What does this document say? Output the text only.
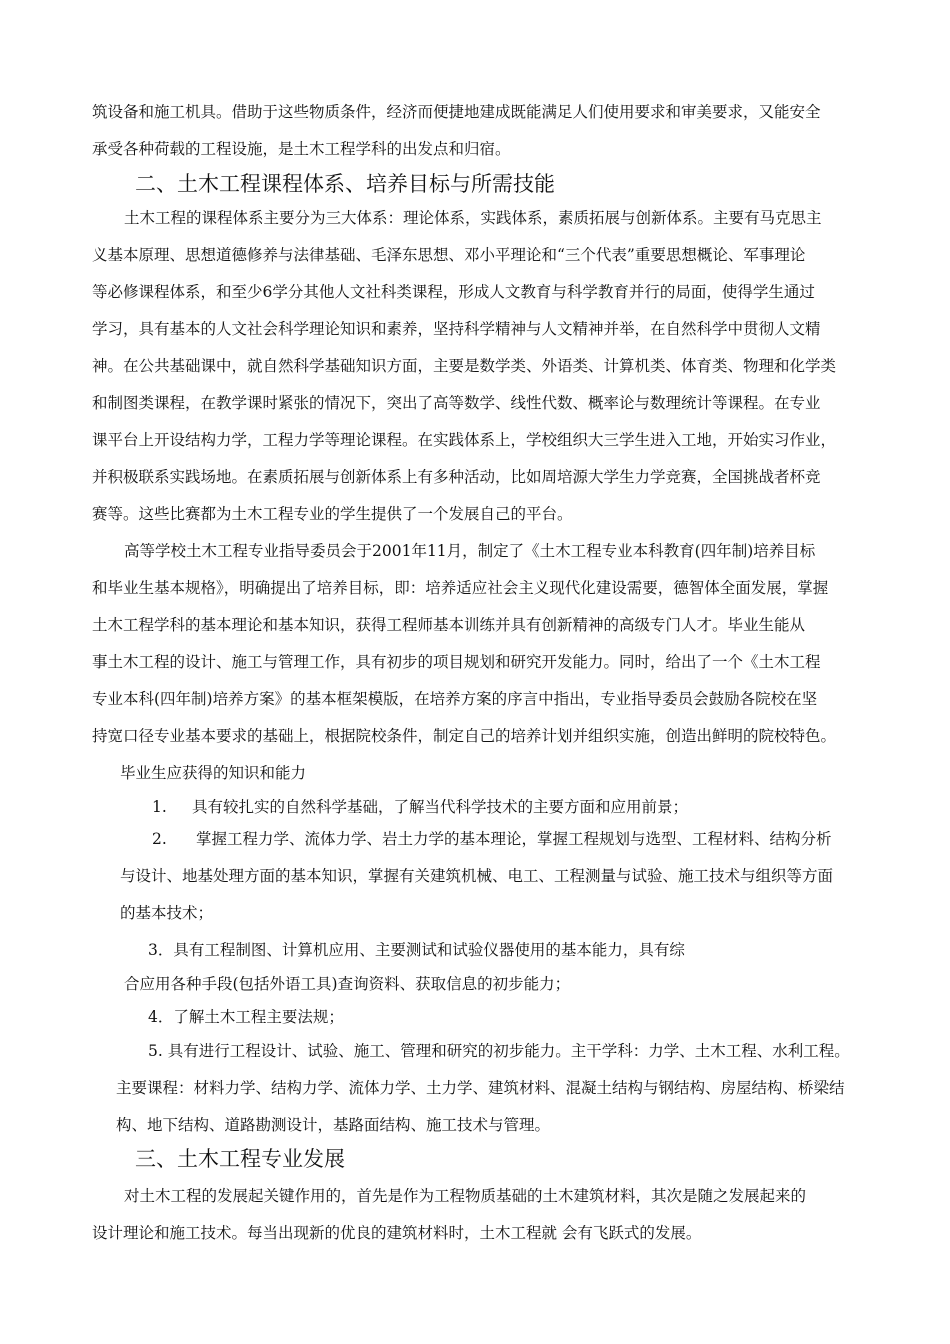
筑设备和施工机具。借助于这些物质条件，经济而便捷地建成既能满足人们使用要求和审美要求，又能安全
承受各种荷载的工程设施，是土木工程学科的出发点和归宿。
二、土木工程课程体系、培养目标与所需技能
土木工程的课程体系主要分为三大体系：理论体系，实践体系，素质拓展与创新体系。主要有马克思主
义基本原理、思想道德修养与法律基础、毛泽东思想、邓小平理论和“三个代表”重要思想概论、军事理论
等必修课程体系，和至少6学分其他人文社科类课程，形成人文教育与科学教育并行的局面，使得学生通过
学习，具有基本的人文社会科学理论知识和素养，坚持科学精神与人文精神并举，在自然科学中贯彻人文精
神。在公共基础课中，就自然科学基础知识方面，主要是数学类、外语类、计算机类、体育类、物理和化学类
和制图类课程，在教学课时紧张的情况下，突出了高等数学、线性代数、概率论与数理统计等课程。在专业
课平台上开设结构力学，工程力学等理论课程。在实践体系上，学校组织大三学生进入工地，开始实习作业，
并积极联系实践场地。在素质拓展与创新体系上有多种活动，比如周培源大学生力学竞赛，全国挑战者杯竞
赛等。这些比赛都为土木工程专业的学生提供了一个发展自己的平台。
高等学校土木工程专业指导委员会于2001年11月，制定了《土木工程专业本科教育(四年制)培养目标
和毕业生基本规格》，明确提出了培养目标，即：培养适应社会主义现代化建设需要，德智体全面发展，掌握
土木工程学科的基本理论和基本知识，获得工程师基本训练并具有创新精神的高级专门人才。毕业生能从
事土木工程的设计、施工与管理工作，具有初步的项目规划和研究开发能力。同时，给出了一个《土木工程
专业本科(四年制)培养方案》的基本框架模版，在培养方案的序言中指出，专业指导委员会鼓励各院校在坚
持宽口径专业基本要求的基础上，根据院校条件，制定自己的培养计划并组织实施，创造出鲜明的院校特色。
毕业生应获得的知识和能力
1. 具有较扎实的自然科学基础，了解当代科学技术的主要方面和应用前景；
2. 掌握工程力学、流体力学、岩土力学的基本理论，掌握工程规划与选型、工程材料、结构分析
与设计、地基处理方面的基本知识，掌握有关建筑机械、电工、工程测量与试验、施工技术与组织等方面
的基本技术；
3．具有工程制图、计算机应用、主要测试和试验仪器使用的基本能力，具有综
合应用各种手段(包括外语工具)查询资料、获取信息的初步能力；
4．了解土木工程主要法规；
5. 具有进行工程设计、试验、施工、管理和研究的初步能力。主干学科：力学、土木工程、水利工程。
主要课程：材料力学、结构力学、流体力学、土力学、建筑材料、混凝土结构与钢结构、房屋结构、桥梁结
构、地下结构、道路勘测设计，基路面结构、施工技术与管理。
三、土木工程专业发展
对土木工程的发展起关键作用的，首先是作为工程物质基础的土木建筑材料，其次是随之发展起来的
设计理论和施工技术。每当出现新的优良的建筑材料时，土木工程就 会有飞跃式的发展。
